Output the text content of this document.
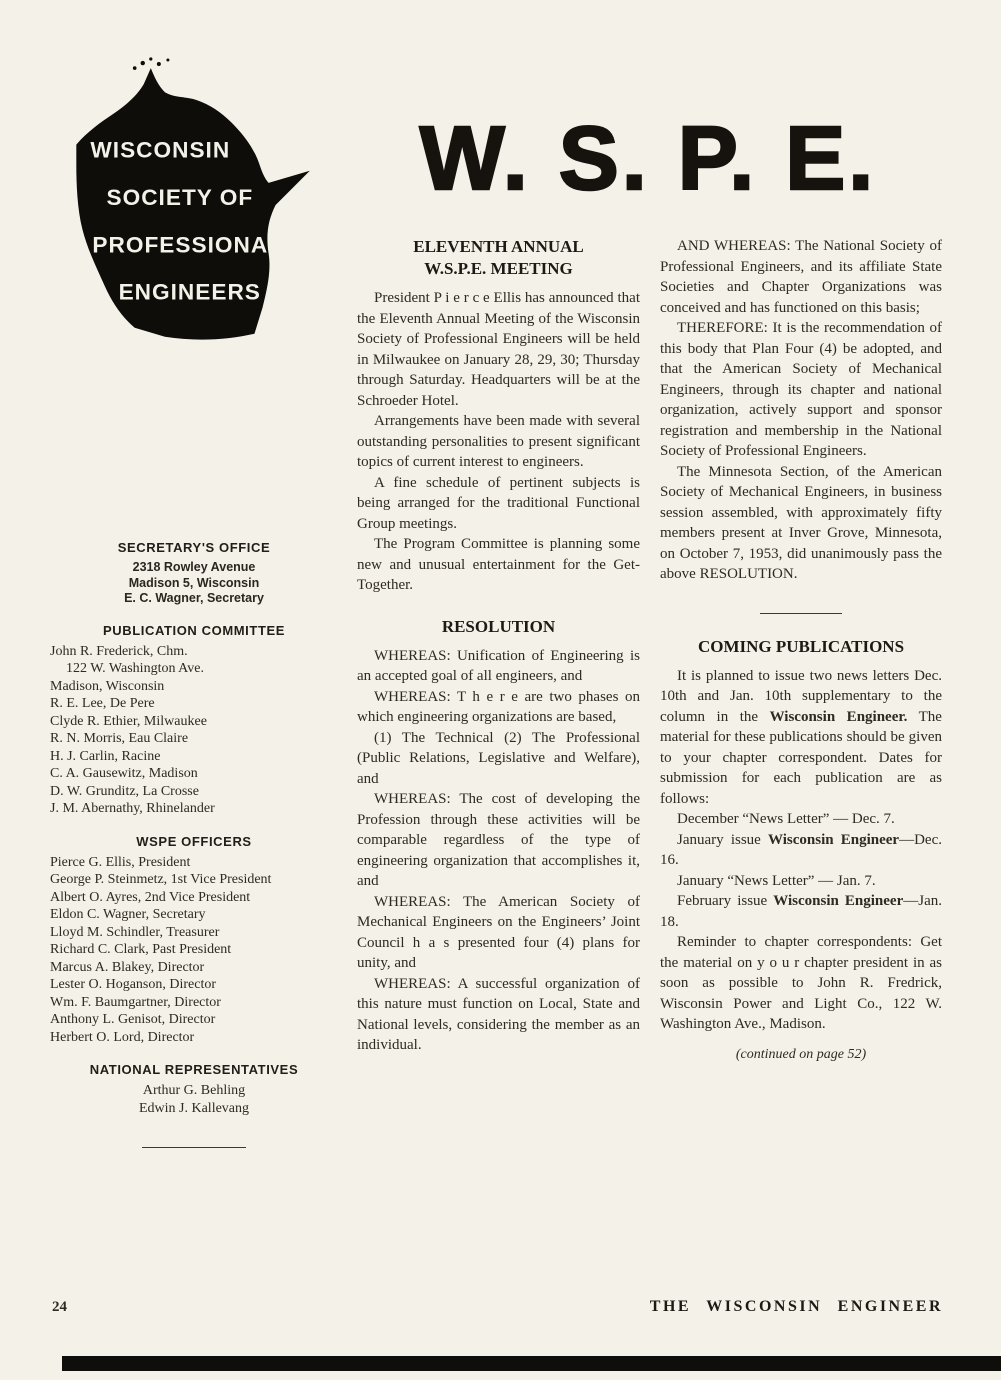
WISCONSIN
SOCIETY OF
PROFESSIONAL
ENGINEERS
W. S. P. E.
SECRETARY'S OFFICE
2318 Rowley Avenue
Madison 5, Wisconsin
E. C. Wagner, Secretary
PUBLICATION COMMITTEE
John R. Frederick, Chm.
122 W. Washington Ave.
Madison, Wisconsin
R. E. Lee, De Pere
Clyde R. Ethier, Milwaukee
R. N. Morris, Eau Claire
H. J. Carlin, Racine
C. A. Gausewitz, Madison
D. W. Grunditz, La Crosse
J. M. Abernathy, Rhinelander
WSPE OFFICERS
Pierce G. Ellis, President
George P. Steinmetz, 1st Vice President
Albert O. Ayres, 2nd Vice President
Eldon C. Wagner, Secretary
Lloyd M. Schindler, Treasurer
Richard C. Clark, Past President
Marcus A. Blakey, Director
Lester O. Hoganson, Director
Wm. F. Baumgartner, Director
Anthony L. Genisot, Director
Herbert O. Lord, Director
NATIONAL REPRESENTATIVES
Arthur G. Behling
Edwin J. Kallevang
ELEVENTH ANNUAL
W.S.P.E. MEETING

President P i e r c e Ellis has announced that the Eleventh Annual Meeting of the Wisconsin Society of Professional Engineers will be held in Milwaukee on January 28, 29, 30; Thursday through Saturday. Headquarters will be at the Schroeder Hotel.

Arrangements have been made with several outstanding personalities to present significant topics of current interest to engineers.

A fine schedule of pertinent subjects is being arranged for the traditional Functional Group meetings.

The Program Committee is planning some new and unusual entertainment for the Get-Together.

RESOLUTION

WHEREAS: Unification of Engineering is an accepted goal of all engineers, and

WHEREAS: T h e r e are two phases on which engineering organizations are based,

(1) The Technical (2) The Professional (Public Relations, Legislative and Welfare), and

WHEREAS: The cost of developing the Profession through these activities will be comparable regardless of the type of engineering organization that accomplishes it, and

WHEREAS: The American Society of Mechanical Engineers on the Engineers’ Joint Council h a s presented four (4) plans for unity, and

WHEREAS: A successful organization of this nature must function on Local, State and National levels, considering the member as an individual.

AND WHEREAS: The National Society of Professional Engineers, and its affiliate State Societies and Chapter Organizations was conceived and has functioned on this basis;

THEREFORE: It is the recommendation of this body that Plan Four (4) be adopted, and that the American Society of Mechanical Engineers, through its chapter and national organization, actively support and sponsor registration and membership in the National Society of Professional Engineers.

The Minnesota Section, of the American Society of Mechanical Engineers, in business session assembled, with approximately fifty members present at Inver Grove, Minnesota, on October 7, 1953, did unanimously pass the above RESOLUTION.

COMING PUBLICATIONS

It is planned to issue two news letters Dec. 10th and Jan. 10th supplementary to the column in the Wisconsin Engineer. The material for these publications should be given to your chapter correspondent. Dates for submission for each publication are as follows:

December “News Letter” — Dec. 7.

January issue Wisconsin Engineer—Dec. 16.

January “News Letter” — Jan. 7.

February issue Wisconsin Engineer—Jan. 18.

Reminder to chapter correspondents: Get the material on y o u r chapter president in as soon as possible to John R. Fredrick, Wisconsin Power and Light Co., 122 W. Washington Ave., Madison.

(continued on page 52)
24	THE WISCONSIN ENGINEER
